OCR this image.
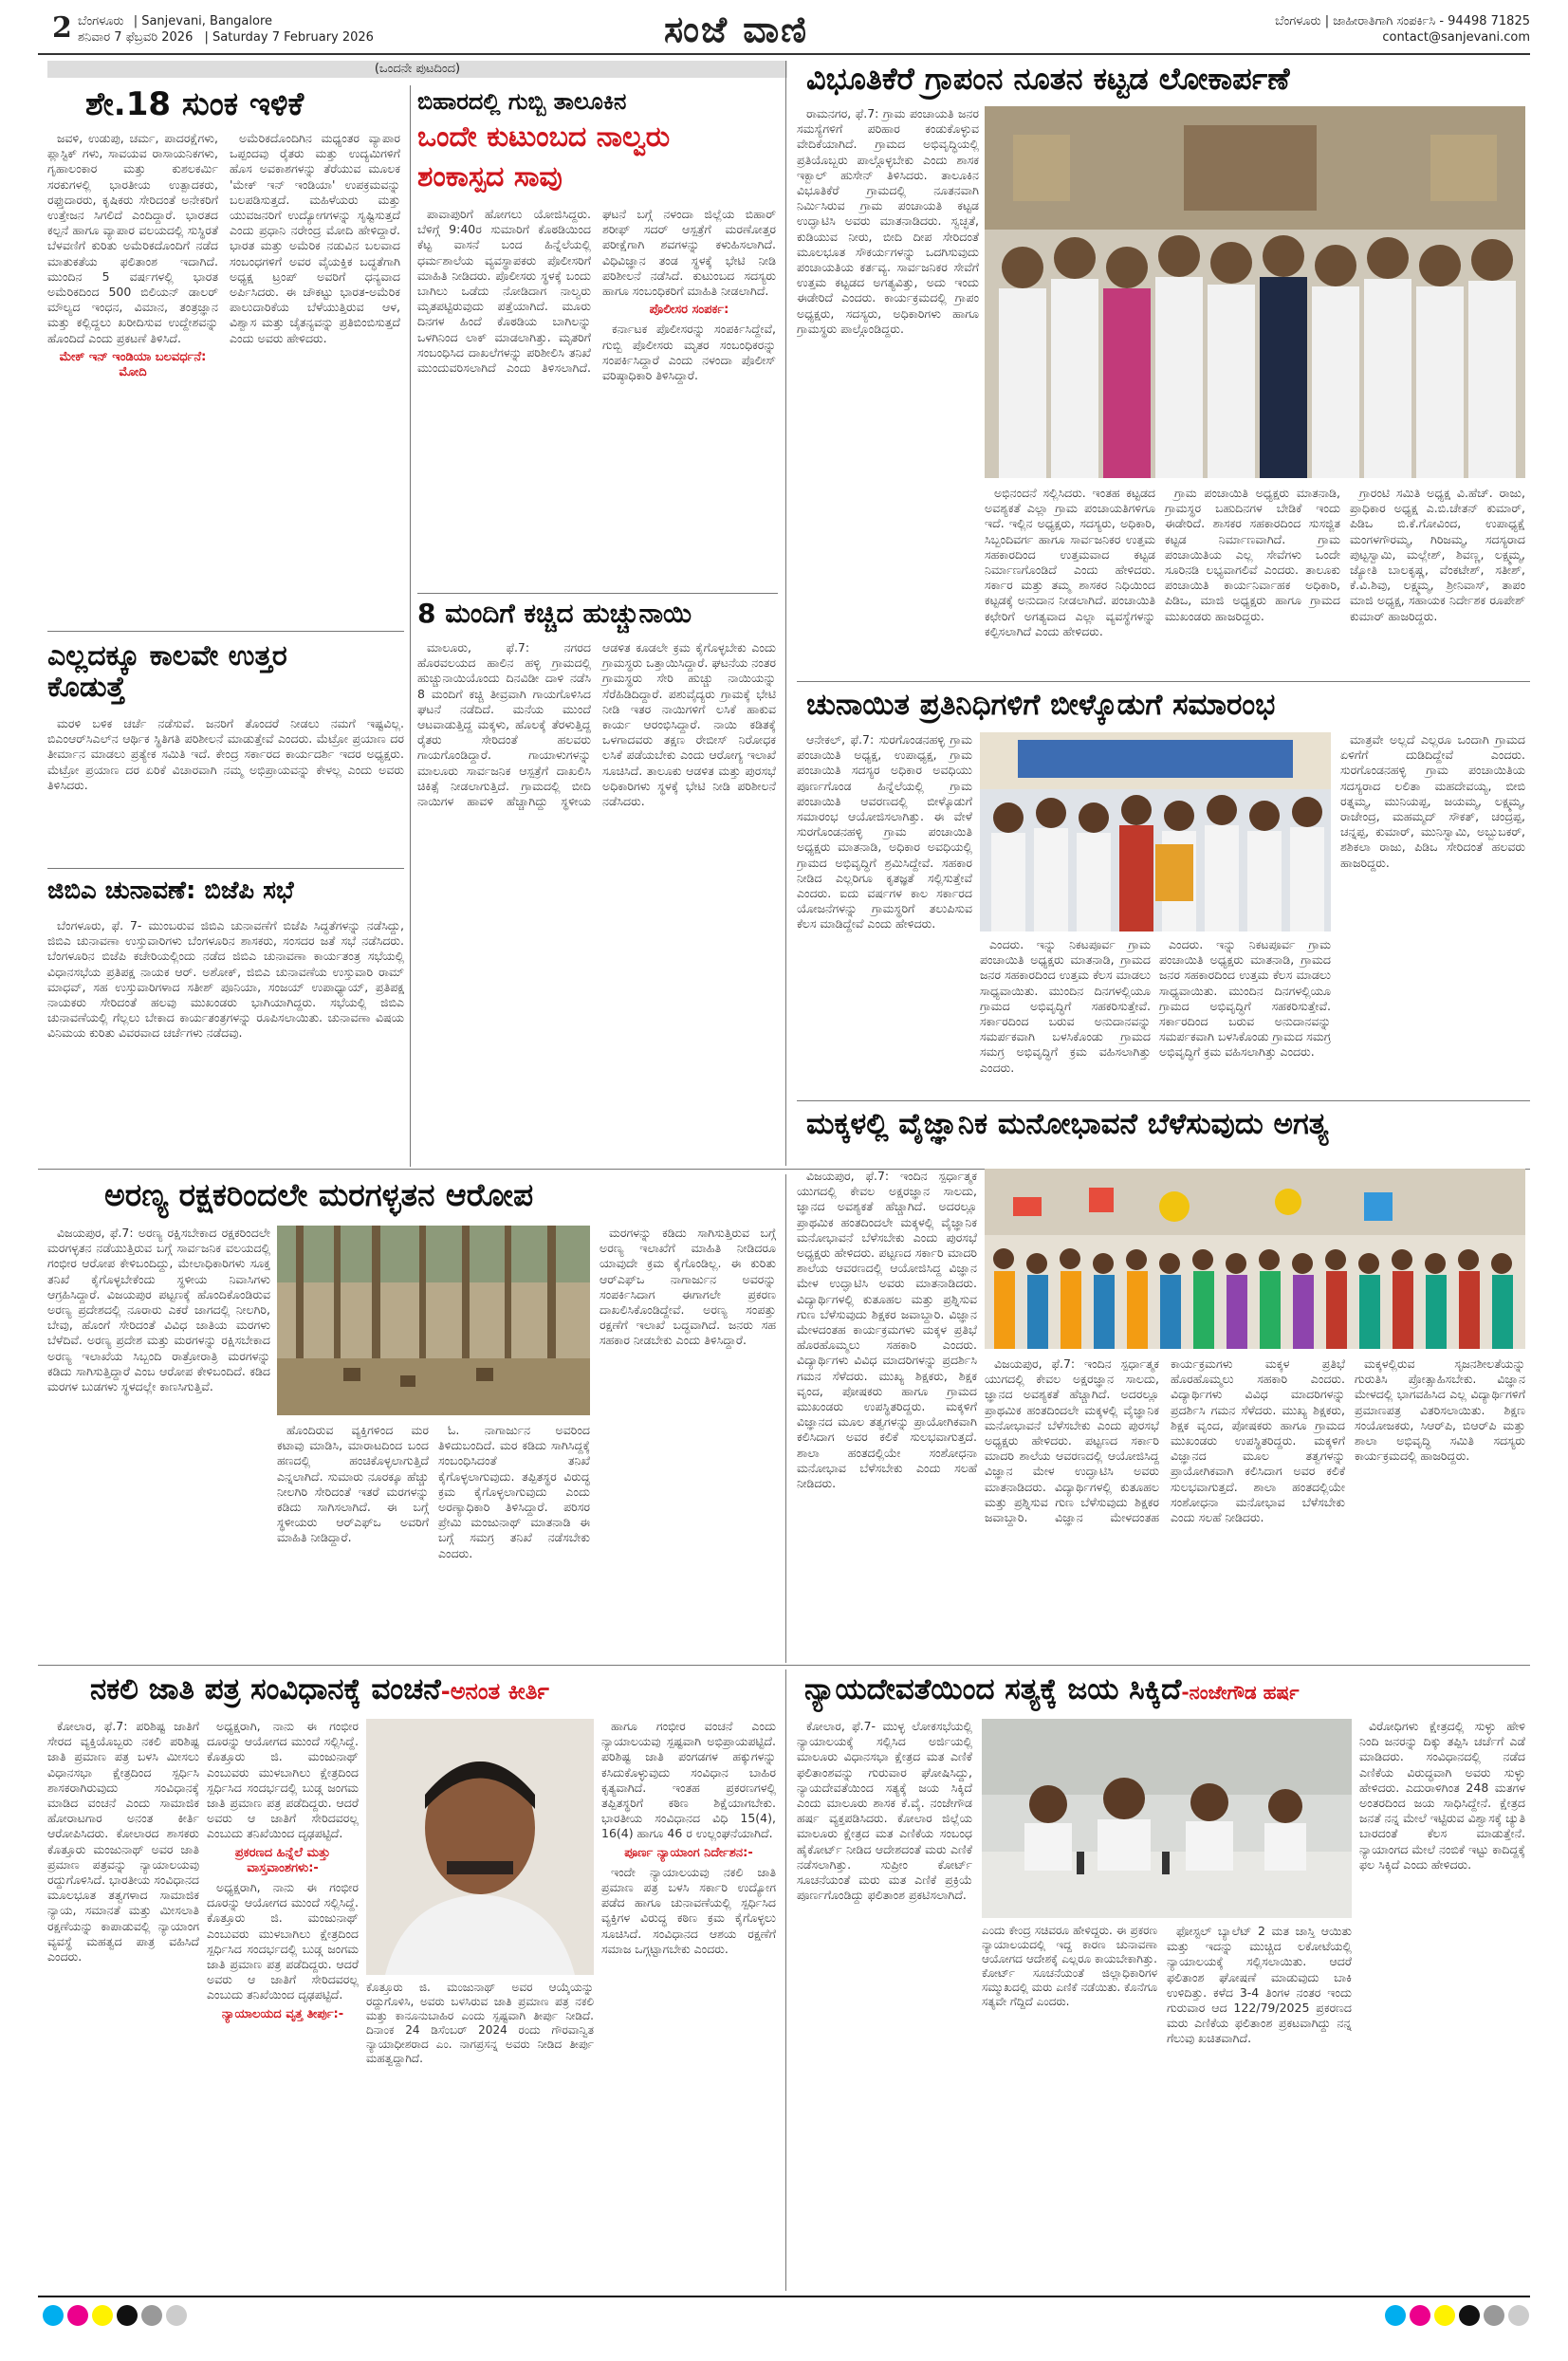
2 ಬೆಂಗಳೂರು | Sanjevani, Bangalore
ಶನಿವಾರ 7 ಫೆಬ್ರವರಿ 2026 | Saturday 7 February 2026	ಸಂಜೆ ವಾಣಿ	ಬೆಂಗಳೂರು | ಜಾಹೀರಾತಿಗಾಗಿ ಸಂಪರ್ಕಿಸಿ - 94498 71825
contact@sanjevani.com
(ಒಂದನೇ ಪುಟದಿಂದ)
ಶೇ.18 ಸುಂಕ ಇಳಿಕೆ

ಜವಳಿ, ಉಡುಪು, ಚರ್ಮ, ಪಾದರಕ್ಷೆಗಳು, ಪ್ಲಾಸ್ಟಿಕ್ ಗಳು, ಸಾವಯವ ರಾಸಾಯನಿಕಗಳು, ಗೃಹಾಲಂಕಾರ ಮತ್ತು ಕುಶಲಕರ್ಮಿ ಸರಕುಗಳಲ್ಲಿ ಭಾರತೀಯ ಉತ್ಪಾದಕರು, ರಫ್ತುದಾರರು, ಕೃಷಿಕರು ಸೇರಿದಂತೆ ಅನೇಕರಿಗೆ ಉತ್ತೇಜನ ಸಿಗಲಿದೆ ಎಂದಿದ್ದಾರೆ. ಭಾರತದ ಕಲ್ಪನೆ ಹಾಗೂ ವ್ಯಾಪಾರ ವಲಯದಲ್ಲಿ ಸುಸ್ಥಿರತೆ ಬೆಳವಣಿಗೆ ಕುರಿತು ಅಮೆರಿಕದೊಂದಿಗೆ ನಡೆದ ಮಾತುಕತೆಯ ಫಲಿತಾಂಶ ಇದಾಗಿದೆ. ಮುಂದಿನ 5 ವರ್ಷಗಳಲ್ಲಿ ಭಾರತ ಅಮೆರಿಕದಿಂದ 500 ಬಿಲಿಯನ್ ಡಾಲರ್ ಮೌಲ್ಯದ ಇಂಧನ, ವಿಮಾನ, ತಂತ್ರಜ್ಞಾನ ಮತ್ತು ಕಲ್ಲಿದ್ದಲು ಖರೀದಿಸುವ ಉದ್ದೇಶವನ್ನು ಹೊಂದಿದೆ ಎಂದು ಪ್ರಕಟಣೆ ತಿಳಿಸಿದೆ.

ಮೇಕ್ ಇನ್ ಇಂಡಿಯಾ ಬಲವರ್ಧನೆ: ಮೋದಿ

ಅಮೆರಿಕದೊಂದಿಗಿನ ಮಧ್ಯಂತರ ವ್ಯಾಪಾರ ಒಪ್ಪಂದವು ರೈತರು ಮತ್ತು ಉದ್ಯಮಿಗಳಿಗೆ ಹೊಸ ಅವಕಾಶಗಳನ್ನು ತೆರೆಯುವ ಮೂಲಕ 'ಮೇಕ್ ಇನ್ ಇಂಡಿಯಾ' ಉಪಕ್ರಮವನ್ನು ಬಲಪಡಿಸುತ್ತದೆ. ಮಹಿಳೆಯರು ಮತ್ತು ಯುವಜನರಿಗೆ ಉದ್ಯೋಗಗಳನ್ನು ಸೃಷ್ಟಿಸುತ್ತದೆ ಎಂದು ಪ್ರಧಾನಿ ನರೇಂದ್ರ ಮೋದಿ ಹೇಳಿದ್ದಾರೆ. ಭಾರತ ಮತ್ತು ಅಮೆರಿಕ ನಡುವಿನ ಬಲವಾದ ಸಂಬಂಧಗಳಿಗೆ ಅವರ ವೈಯಕ್ತಿಕ ಬದ್ಧತೆಗಾಗಿ ಅಧ್ಯಕ್ಷ ಟ್ರಂಪ್ ಅವರಿಗೆ ಧನ್ಯವಾದ ಅರ್ಪಿಸಿದರು. ಈ ಚೌಕಟ್ಟು ಭಾರತ-ಅಮೆರಿಕ ಪಾಲುದಾರಿಕೆಯ ಬೆಳೆಯುತ್ತಿರುವ ಆಳ, ವಿಶ್ವಾಸ ಮತ್ತು ಚೈತನ್ಯವನ್ನು ಪ್ರತಿಬಿಂಬಿಸುತ್ತದೆ ಎಂದು ಅವರು ಹೇಳಿದರು.

ಎಲ್ಲದಕ್ಕೂ ಕಾಲವೇ ಉತ್ತರ
ಕೊಡುತ್ತೆ

ಮರಳಿ ಬಳಿಕ ಚರ್ಚೆ ನಡೆಸುವೆ. ಜನರಿಗೆ ತೊಂದರೆ ನೀಡಲು ನಮಗೆ ಇಷ್ಟವಿಲ್ಲ. ಬಿಎಂಆರ್‌ಸಿಎಲ್‌ನ ಆರ್ಥಿಕ ಸ್ಥಿತಿಗತಿ ಪರಿಶೀಲನೆ ಮಾಡುತ್ತೇವೆ ಎಂದರು. ಮೆಟ್ರೋ ಪ್ರಯಾಣ ದರ ತೀರ್ಮಾನ ಮಾಡಲು ಪ್ರತ್ಯೇಕ ಸಮಿತಿ ಇದೆ. ಕೇಂದ್ರ ಸರ್ಕಾರದ ಕಾರ್ಯದರ್ಶಿ ಇದರ ಅಧ್ಯಕ್ಷರು. ಮೆಟ್ರೋ ಪ್ರಯಾಣ ದರ ಏರಿಕೆ ವಿಚಾರವಾಗಿ ನಮ್ಮ ಅಭಿಪ್ರಾಯವನ್ನು ಕೇಳಲ್ಲ ಎಂದು ಅವರು ತಿಳಿಸಿದರು.

ಜಿಬಿಎ ಚುನಾವಣೆ: ಬಿಜೆಪಿ ಸಭೆ

ಬೆಂಗಳೂರು, ಫೆ. 7- ಮುಂಬರುವ ಜಿಬಿಎ ಚುನಾವಣೆಗೆ ಬಿಜೆಪಿ ಸಿದ್ಧತೆಗಳನ್ನು ನಡೆಸಿದ್ದು, ಜಿಬಿಎ ಚುನಾವಣಾ ಉಸ್ತುವಾರಿಗಳು ಬೆಂಗಳೂರಿನ ಶಾಸಕರು, ಸಂಸದರ ಜತೆ ಸಭೆ ನಡೆಸಿದರು. ಬೆಂಗಳೂರಿನ ಬಿಜೆಪಿ ಕಚೇರಿಯಲ್ಲಿಂದು ನಡೆದ ಜಿಬಿಎ ಚುನಾವಣಾ ಕಾರ್ಯತಂತ್ರ ಸಭೆಯಲ್ಲಿ ವಿಧಾನಸಭೆಯ ಪ್ರತಿಪಕ್ಷ ನಾಯಕ ಆರ್. ಅಶೋಕ್, ಜಿಬಿಎ ಚುನಾವಣೆಯ ಉಸ್ತುವಾರಿ ರಾಮ್ ಮಾಧವ್, ಸಹ ಉಸ್ತುವಾರಿಗಳಾದ ಸತೀಶ್ ಪೂನಿಯಾ, ಸಂಜಯ್ ಉಪಾಧ್ಯಾಯ್, ಪ್ರತಿಪಕ್ಷ ನಾಯಕರು ಸೇರಿದಂತೆ ಹಲವು ಮುಖಂಡರು ಭಾಗಿಯಾಗಿದ್ದರು. ಸಭೆಯಲ್ಲಿ ಜಿಬಿಎ ಚುನಾವಣೆಯಲ್ಲಿ ಗೆಲ್ಲಲು ಬೇಕಾದ ಕಾರ್ಯತಂತ್ರಗಳನ್ನು ರೂಪಿಸಲಾಯಿತು. ಚುನಾವಣಾ ವಿಷಯ ವಿನಿಮಯ ಕುರಿತು ವಿವರವಾದ ಚರ್ಚೆಗಳು ನಡೆದವು.

ಬಿಹಾರದಲ್ಲಿ ಗುಬ್ಬಿ ತಾಲೂಕಿನ
ಒಂದೇ ಕುಟುಂಬದ ನಾಲ್ವರು
ಶಂಕಾಸ್ಪದ ಸಾವು

ಪಾವಾಪುರಿಗೆ ಹೋಗಲು ಯೋಜಿಸಿದ್ದರು. ಬೆಳಿಗ್ಗೆ 9:40ರ ಸುಮಾರಿಗೆ ಕೊಠಡಿಯಿಂದ ಕೆಟ್ಟ ವಾಸನೆ ಬಂದ ಹಿನ್ನೆಲೆಯಲ್ಲಿ ಧರ್ಮಶಾಲೆಯ ವ್ಯವಸ್ಥಾಪಕರು ಪೊಲೀಸರಿಗೆ ಮಾಹಿತಿ ನೀಡಿದರು. ಪೊಲೀಸರು ಸ್ಥಳಕ್ಕೆ ಬಂದು ಬಾಗಿಲು ಒಡೆದು ನೋಡಿದಾಗ ನಾಲ್ವರು ಮೃತಪಟ್ಟಿರುವುದು ಪತ್ತೆಯಾಗಿದೆ. ಮೂರು ದಿನಗಳ ಹಿಂದೆ ಕೊಠಡಿಯ ಬಾಗಿಲನ್ನು ಒಳಗಿನಿಂದ ಲಾಕ್ ಮಾಡಲಾಗಿತ್ತು. ಮೃತರಿಗೆ ಸಂಬಂಧಿಸಿದ ದಾಖಲೆಗಳನ್ನು ಪರಿಶೀಲಿಸಿ ತನಿಖೆ ಮುಂದುವರಿಸಲಾಗಿದೆ ಎಂದು ತಿಳಿಸಲಾಗಿದೆ. ಘಟನೆ ಬಗ್ಗೆ ನಳಂದಾ ಜಿಲ್ಲೆಯ ಬಿಹಾರ್ ಶರೀಫ್ ಸದರ್ ಆಸ್ಪತ್ರೆಗೆ ಮರಣೋತ್ತರ ಪರೀಕ್ಷೆಗಾಗಿ ಶವಗಳನ್ನು ಕಳುಹಿಸಲಾಗಿದೆ. ವಿಧಿವಿಜ್ಞಾನ ತಂಡ ಸ್ಥಳಕ್ಕೆ ಭೇಟಿ ನೀಡಿ ಪರಿಶೀಲನೆ ನಡೆಸಿದೆ. ಕುಟುಂಬದ ಸದಸ್ಯರು ಹಾಗೂ ಸಂಬಂಧಿಕರಿಗೆ ಮಾಹಿತಿ ನೀಡಲಾಗಿದೆ.

ಪೊಲೀಸರ ಸಂಪರ್ಕ:

ಕರ್ನಾಟಕ ಪೊಲೀಸರನ್ನು ಸಂಪರ್ಕಿಸಿದ್ದೇವೆ, ಗುಬ್ಬಿ ಪೊಲೀಸರು ಮೃತರ ಸಂಬಂಧಿಕರನ್ನು ಸಂಪರ್ಕಿಸಿದ್ದಾರೆ ಎಂದು ನಳಂದಾ ಪೊಲೀಸ್ ವರಿಷ್ಠಾಧಿಕಾರಿ ತಿಳಿಸಿದ್ದಾರೆ.

8 ಮಂದಿಗೆ ಕಚ್ಚಿದ ಹುಚ್ಚುನಾಯಿ

ಮಾಲೂರು, ಫೆ.7: ನಗರದ ಹೊರವಲಯದ ಹಾಲಿನ ಹಳ್ಳಿ ಗ್ರಾಮದಲ್ಲಿ ಹುಚ್ಚುನಾಯಿಯೊಂದು ದಿನವಿಡೀ ದಾಳಿ ನಡೆಸಿ 8 ಮಂದಿಗೆ ಕಚ್ಚಿ ತೀವ್ರವಾಗಿ ಗಾಯಗೊಳಿಸಿದ ಘಟನೆ ನಡೆದಿದೆ. ಮನೆಯ ಮುಂದೆ ಆಟವಾಡುತ್ತಿದ್ದ ಮಕ್ಕಳು, ಹೊಲಕ್ಕೆ ತೆರಳುತ್ತಿದ್ದ ರೈತರು ಸೇರಿದಂತೆ ಹಲವರು ಗಾಯಗೊಂಡಿದ್ದಾರೆ. ಗಾಯಾಳುಗಳನ್ನು ಮಾಲೂರು ಸಾರ್ವಜನಿಕ ಆಸ್ಪತ್ರೆಗೆ ದಾಖಲಿಸಿ ಚಿಕಿತ್ಸೆ ನೀಡಲಾಗುತ್ತಿದೆ. ಗ್ರಾಮದಲ್ಲಿ ಬೀದಿ ನಾಯಿಗಳ ಹಾವಳಿ ಹೆಚ್ಚಾಗಿದ್ದು ಸ್ಥಳೀಯ ಆಡಳಿತ ಕೂಡಲೇ ಕ್ರಮ ಕೈಗೊಳ್ಳಬೇಕು ಎಂದು ಗ್ರಾಮಸ್ಥರು ಒತ್ತಾಯಿಸಿದ್ದಾರೆ. ಘಟನೆಯ ನಂತರ ಗ್ರಾಮಸ್ಥರು ಸೇರಿ ಹುಚ್ಚು ನಾಯಿಯನ್ನು ಸೆರೆಹಿಡಿದಿದ್ದಾರೆ. ಪಶುವೈದ್ಯರು ಗ್ರಾಮಕ್ಕೆ ಭೇಟಿ ನೀಡಿ ಇತರ ನಾಯಿಗಳಿಗೆ ಲಸಿಕೆ ಹಾಕುವ ಕಾರ್ಯ ಆರಂಭಿಸಿದ್ದಾರೆ. ನಾಯಿ ಕಡಿತಕ್ಕೆ ಒಳಗಾದವರು ತಕ್ಷಣ ರೇಬೀಸ್ ನಿರೋಧಕ ಲಸಿಕೆ ಪಡೆಯಬೇಕು ಎಂದು ಆರೋಗ್ಯ ಇಲಾಖೆ ಸೂಚಿಸಿದೆ. ತಾಲೂಕು ಆಡಳಿತ ಮತ್ತು ಪುರಸಭೆ ಅಧಿಕಾರಿಗಳು ಸ್ಥಳಕ್ಕೆ ಭೇಟಿ ನೀಡಿ ಪರಿಶೀಲನೆ ನಡೆಸಿದರು.

ವಿಭೂತಿಕೆರೆ ಗ್ರಾಪಂನ ನೂತನ ಕಟ್ಟಡ ಲೋಕಾರ್ಪಣೆ

ರಾಮನಗರ, ಫೆ.7: ಗ್ರಾಮ ಪಂಚಾಯತಿ ಜನರ ಸಮಸ್ಯೆಗಳಿಗೆ ಪರಿಹಾರ ಕಂಡುಕೊಳ್ಳುವ ವೇದಿಕೆಯಾಗಿದೆ. ಗ್ರಾಮದ ಅಭಿವೃದ್ಧಿಯಲ್ಲಿ ಪ್ರತಿಯೊಬ್ಬರು ಪಾಲ್ಗೊಳ್ಳಬೇಕು ಎಂದು ಶಾಸಕ ಇಕ್ಬಾಲ್ ಹುಸೇನ್ ತಿಳಿಸಿದರು. ತಾಲೂಕಿನ ವಿಭೂತಿಕೆರೆ ಗ್ರಾಮದಲ್ಲಿ ನೂತನವಾಗಿ ನಿರ್ಮಿಸಿರುವ ಗ್ರಾಮ ಪಂಚಾಯತಿ ಕಟ್ಟಡ ಉದ್ಘಾಟಿಸಿ ಅವರು ಮಾತನಾಡಿದರು. ಸ್ವಚ್ಛತೆ, ಕುಡಿಯುವ ನೀರು, ಬೀದಿ ದೀಪ ಸೇರಿದಂತೆ ಮೂಲಭೂತ ಸೌಕರ್ಯಗಳನ್ನು ಒದಗಿಸುವುದು ಪಂಚಾಯತಿಯ ಕರ್ತವ್ಯ. ಸಾರ್ವಜನಿಕರ ಸೇವೆಗೆ ಉತ್ತಮ ಕಟ್ಟಡದ ಅಗತ್ಯವಿತ್ತು, ಅದು ಇಂದು ಈಡೇರಿದೆ ಎಂದರು. ಕಾರ್ಯಕ್ರಮದಲ್ಲಿ ಗ್ರಾಪಂ ಅಧ್ಯಕ್ಷರು, ಸದಸ್ಯರು, ಅಧಿಕಾರಿಗಳು ಹಾಗೂ ಗ್ರಾಮಸ್ಥರು ಪಾಲ್ಗೊಂಡಿದ್ದರು.

ಅಭಿನಂದನೆ ಸಲ್ಲಿಸಿದರು. ಇಂತಹ ಕಟ್ಟಡದ ಅವಶ್ಯಕತೆ ಎಲ್ಲಾ ಗ್ರಾಮ ಪಂಚಾಯತಿಗಳಿಗೂ ಇದೆ. ಇಲ್ಲಿನ ಅಧ್ಯಕ್ಷರು, ಸದಸ್ಯರು, ಅಧಿಕಾರಿ, ಸಿಬ್ಬಂದಿವರ್ಗ ಹಾಗೂ ಸಾರ್ವಜನಿಕರ ಉತ್ತಮ ಸಹಕಾರದಿಂದ ಉತ್ತಮವಾದ ಕಟ್ಟಡ ನಿರ್ಮಾಣಗೊಂಡಿದೆ ಎಂದು ಹೇಳಿದರು. ಸರ್ಕಾರ ಮತ್ತು ತಮ್ಮ ಶಾಸಕರ ನಿಧಿಯಿಂದ ಕಟ್ಟಡಕ್ಕೆ ಅನುದಾನ ನೀಡಲಾಗಿದೆ. ಪಂಚಾಯಿತಿ ಕಛೇರಿಗೆ ಅಗತ್ಯವಾದ ಎಲ್ಲಾ ವ್ಯವಸ್ಥೆಗಳನ್ನು ಕಲ್ಪಿಸಲಾಗಿದೆ ಎಂದು ಹೇಳಿದರು.

ಗ್ರಾಮ ಪಂಚಾಯಿತಿ ಅಧ್ಯಕ್ಷರು ಮಾತನಾಡಿ, ಗ್ರಾಮಸ್ಥರ ಬಹುದಿನಗಳ ಬೇಡಿಕೆ ಇಂದು ಈಡೇರಿದೆ. ಶಾಸಕರ ಸಹಕಾರದಿಂದ ಸುಸಜ್ಜಿತ ಕಟ್ಟಡ ನಿರ್ಮಾಣವಾಗಿದೆ. ಗ್ರಾಮ ಪಂಚಾಯಿತಿಯ ಎಲ್ಲ ಸೇವೆಗಳು ಒಂದೇ ಸೂರಿನಡಿ ಲಭ್ಯವಾಗಲಿವೆ ಎಂದರು. ತಾಲೂಕು ಪಂಚಾಯಿತಿ ಕಾರ್ಯನಿರ್ವಾಹಕ ಅಧಿಕಾರಿ, ಪಿಡಿಒ, ಮಾಜಿ ಅಧ್ಯಕ್ಷರು ಹಾಗೂ ಗ್ರಾಮದ ಮುಖಂಡರು ಹಾಜರಿದ್ದರು.

ಗ್ರಾರಂಟಿ ಸಮಿತಿ ಅಧ್ಯಕ್ಷ ವಿ.ಹೆಚ್. ರಾಜು, ಪ್ರಾಧಿಕಾರ ಅಧ್ಯಕ್ಷ ಎ.ಬಿ.ಚೇತನ್ ಕುಮಾರ್, ಪಿಡಿಒ ಬಿ.ಕೆ.ಗೋವಿಂದ, ಉಪಾಧ್ಯಕ್ಷೆ ಮಂಗಳಗೌರಮ್ಮ, ಗಿರಿಜಮ್ಮ, ಸದಸ್ಯರಾದ ಪುಟ್ಟಸ್ವಾಮಿ, ಮಲ್ಲೇಶ್, ಶಿವಣ್ಣ, ಲಕ್ಷ್ಮಮ್ಮ, ಜ್ಯೋತಿ ಬಾಲಕೃಷ್ಣ, ವೆಂಕಟೇಶ್, ಸತೀಶ್, ಕೆ.ವಿ.ಶಿವು, ಲಕ್ಷ್ಮಮ್ಮ, ಶ್ರೀನಿವಾಸ್, ತಾಪಂ ಮಾಜಿ ಅಧ್ಯಕ್ಷ, ಸಹಾಯಕ ನಿರ್ದೇಶಕ ರೂಪೇಶ್ ಕುಮಾರ್ ಹಾಜರಿದ್ದರು.

ಚುನಾಯಿತ ಪ್ರತಿನಿಧಿಗಳಿಗೆ ಬೀಳ್ಕೊಡುಗೆ ಸಮಾರಂಭ

ಆನೇಕಲ್, ಫೆ.7: ಸುರಗೊಂಡನಹಳ್ಳಿ ಗ್ರಾಮ ಪಂಚಾಯಿತಿ ಅಧ್ಯಕ್ಷ, ಉಪಾಧ್ಯಕ್ಷ, ಗ್ರಾಮ ಪಂಚಾಯಿತಿ ಸದಸ್ಯರ ಅಧಿಕಾರ ಅವಧಿಯು ಪೂರ್ಣಗೊಂಡ ಹಿನ್ನೆಲೆಯಲ್ಲಿ ಗ್ರಾಮ ಪಂಚಾಯಿತಿ ಆವರಣದಲ್ಲಿ ಬೀಳ್ಕೊಡುಗೆ ಸಮಾರಂಭ ಆಯೋಜಿಸಲಾಗಿತ್ತು. ಈ ವೇಳೆ ಸುರಗೊಂಡನಹಳ್ಳಿ ಗ್ರಾಮ ಪಂಚಾಯಿತಿ ಅಧ್ಯಕ್ಷರು ಮಾತನಾಡಿ, ಅಧಿಕಾರ ಅವಧಿಯಲ್ಲಿ ಗ್ರಾಮದ ಅಭಿವೃದ್ಧಿಗೆ ಶ್ರಮಿಸಿದ್ದೇವೆ. ಸಹಕಾರ ನೀಡಿದ ಎಲ್ಲರಿಗೂ ಕೃತಜ್ಞತೆ ಸಲ್ಲಿಸುತ್ತೇವೆ ಎಂದರು. ಐದು ವರ್ಷಗಳ ಕಾಲ ಸರ್ಕಾರದ ಯೋಜನೆಗಳನ್ನು ಗ್ರಾಮಸ್ಥರಿಗೆ ತಲುಪಿಸುವ ಕೆಲಸ ಮಾಡಿದ್ದೇವೆ ಎಂದು ಹೇಳಿದರು.

ಎಂದರು. ಇನ್ನು ನಿಕಟಪೂರ್ವ ಗ್ರಾಮ ಪಂಚಾಯಿತಿ ಅಧ್ಯಕ್ಷರು ಮಾತನಾಡಿ, ಗ್ರಾಮದ ಜನರ ಸಹಕಾರದಿಂದ ಉತ್ತಮ ಕೆಲಸ ಮಾಡಲು ಸಾಧ್ಯವಾಯಿತು. ಮುಂದಿನ ದಿನಗಳಲ್ಲಿಯೂ ಗ್ರಾಮದ ಅಭಿವೃದ್ಧಿಗೆ ಸಹಕರಿಸುತ್ತೇವೆ. ಸರ್ಕಾರದಿಂದ ಬರುವ ಅನುದಾನವನ್ನು ಸಮರ್ಪಕವಾಗಿ ಬಳಸಿಕೊಂಡು ಗ್ರಾಮದ ಸಮಗ್ರ ಅಭಿವೃದ್ಧಿಗೆ ಕ್ರಮ ವಹಿಸಲಾಗಿತ್ತು ಎಂದರು.

ಎಂದರು. ಇನ್ನು ನಿಕಟಪೂರ್ವ ಗ್ರಾಮ ಪಂಚಾಯಿತಿ ಅಧ್ಯಕ್ಷರು ಮಾತನಾಡಿ, ಗ್ರಾಮದ ಜನರ ಸಹಕಾರದಿಂದ ಉತ್ತಮ ಕೆಲಸ ಮಾಡಲು ಸಾಧ್ಯವಾಯಿತು. ಮುಂದಿನ ದಿನಗಳಲ್ಲಿಯೂ ಗ್ರಾಮದ ಅಭಿವೃದ್ಧಿಗೆ ಸಹಕರಿಸುತ್ತೇವೆ. ಸರ್ಕಾರದಿಂದ ಬರುವ ಅನುದಾನವನ್ನು ಸಮರ್ಪಕವಾಗಿ ಬಳಸಿಕೊಂಡು ಗ್ರಾಮದ ಸಮಗ್ರ ಅಭಿವೃದ್ಧಿಗೆ ಕ್ರಮ ವಹಿಸಲಾಗಿತ್ತು ಎಂದರು.

ಮಾತ್ರವೇ ಅಲ್ಲದೆ ಎಲ್ಲರೂ ಒಂದಾಗಿ ಗ್ರಾಮದ ಏಳಿಗೆಗೆ ದುಡಿದಿದ್ದೇವೆ ಎಂದರು. ಸುರಗೊಂಡನಹಳ್ಳಿ ಗ್ರಾಮ ಪಂಚಾಯಿತಿಯ ಸದಸ್ಯರಾದ ಲಲಿತಾ ಮಹದೇವಯ್ಯ, ಬೀಬಿ ರತ್ನಮ್ಮ, ಮುನಿಯಪ್ಪ, ಜಯಮ್ಮ, ಲಕ್ಷ್ಮಮ್ಮ, ರಾಜೇಂದ್ರ, ಮಹಮ್ಮದ್ ಸೌಕತ್, ಚಂದ್ರಪ್ಪ, ಚನ್ನಪ್ಪ, ಕುಮಾರ್, ಮುನಿಸ್ವಾಮಿ, ಅಬ್ಬುಬಕರ್, ಶಶಿಕಲಾ ರಾಜು, ಪಿಡಿಒ ಸೇರಿದಂತೆ ಹಲವರು ಹಾಜರಿದ್ದರು.

ಮಕ್ಕಳಲ್ಲಿ ವೈಜ್ಞಾನಿಕ ಮನೋಭಾವನೆ ಬೆಳೆಸುವುದು ಅಗತ್ಯ

ವಿಜಯಪುರ, ಫೆ.7: ಇಂದಿನ ಸ್ಪರ್ಧಾತ್ಮಕ ಯುಗದಲ್ಲಿ ಕೇವಲ ಅಕ್ಷರಜ್ಞಾನ ಸಾಲದು, ಜ್ಞಾನದ ಅವಶ್ಯಕತೆ ಹೆಚ್ಚಾಗಿದೆ. ಅದರಲ್ಲೂ ಪ್ರಾಥಮಿಕ ಹಂತದಿಂದಲೇ ಮಕ್ಕಳಲ್ಲಿ ವೈಜ್ಞಾನಿಕ ಮನೋಭಾವನೆ ಬೆಳೆಸಬೇಕು ಎಂದು ಪುರಸಭೆ ಅಧ್ಯಕ್ಷರು ಹೇಳಿದರು. ಪಟ್ಟಣದ ಸರ್ಕಾರಿ ಮಾದರಿ ಶಾಲೆಯ ಆವರಣದಲ್ಲಿ ಆಯೋಜಿಸಿದ್ದ ವಿಜ್ಞಾನ ಮೇಳ ಉದ್ಘಾಟಿಸಿ ಅವರು ಮಾತನಾಡಿದರು. ವಿದ್ಯಾರ್ಥಿಗಳಲ್ಲಿ ಕುತೂಹಲ ಮತ್ತು ಪ್ರಶ್ನಿಸುವ ಗುಣ ಬೆಳೆಸುವುದು ಶಿಕ್ಷಕರ ಜವಾಬ್ದಾರಿ. ವಿಜ್ಞಾನ ಮೇಳದಂತಹ ಕಾರ್ಯಕ್ರಮಗಳು ಮಕ್ಕಳ ಪ್ರತಿಭೆ ಹೊರಹೊಮ್ಮಲು ಸಹಕಾರಿ ಎಂದರು. ವಿದ್ಯಾರ್ಥಿಗಳು ವಿವಿಧ ಮಾದರಿಗಳನ್ನು ಪ್ರದರ್ಶಿಸಿ ಗಮನ ಸೆಳೆದರು. ಮುಖ್ಯ ಶಿಕ್ಷಕರು, ಶಿಕ್ಷಕ ವೃಂದ, ಪೋಷಕರು ಹಾಗೂ ಗ್ರಾಮದ ಮುಖಂಡರು ಉಪಸ್ಥಿತರಿದ್ದರು. ಮಕ್ಕಳಿಗೆ ವಿಜ್ಞಾನದ ಮೂಲ ತತ್ವಗಳನ್ನು ಪ್ರಾಯೋಗಿಕವಾಗಿ ಕಲಿಸಿದಾಗ ಅವರ ಕಲಿಕೆ ಸುಲಭವಾಗುತ್ತದೆ. ಶಾಲಾ ಹಂತದಲ್ಲಿಯೇ ಸಂಶೋಧನಾ ಮನೋಭಾವ ಬೆಳೆಸಬೇಕು ಎಂದು ಸಲಹೆ ನೀಡಿದರು.

ವಿಜಯಪುರ, ಫೆ.7: ಇಂದಿನ ಸ್ಪರ್ಧಾತ್ಮಕ ಯುಗದಲ್ಲಿ ಕೇವಲ ಅಕ್ಷರಜ್ಞಾನ ಸಾಲದು, ಜ್ಞಾನದ ಅವಶ್ಯಕತೆ ಹೆಚ್ಚಾಗಿದೆ. ಅದರಲ್ಲೂ ಪ್ರಾಥಮಿಕ ಹಂತದಿಂದಲೇ ಮಕ್ಕಳಲ್ಲಿ ವೈಜ್ಞಾನಿಕ ಮನೋಭಾವನೆ ಬೆಳೆಸಬೇಕು ಎಂದು ಪುರಸಭೆ ಅಧ್ಯಕ್ಷರು ಹೇಳಿದರು. ಪಟ್ಟಣದ ಸರ್ಕಾರಿ ಮಾದರಿ ಶಾಲೆಯ ಆವರಣದಲ್ಲಿ ಆಯೋಜಿಸಿದ್ದ ವಿಜ್ಞಾನ ಮೇಳ ಉದ್ಘಾಟಿಸಿ ಅವರು ಮಾತನಾಡಿದರು. ವಿದ್ಯಾರ್ಥಿಗಳಲ್ಲಿ ಕುತೂಹಲ ಮತ್ತು ಪ್ರಶ್ನಿಸುವ ಗುಣ ಬೆಳೆಸುವುದು ಶಿಕ್ಷಕರ ಜವಾಬ್ದಾರಿ. ವಿಜ್ಞಾನ ಮೇಳದಂತಹ ಕಾರ್ಯಕ್ರಮಗಳು ಮಕ್ಕಳ ಪ್ರತಿಭೆ ಹೊರಹೊಮ್ಮಲು ಸಹಕಾರಿ ಎಂದರು. ವಿದ್ಯಾರ್ಥಿಗಳು ವಿವಿಧ ಮಾದರಿಗಳನ್ನು ಪ್ರದರ್ಶಿಸಿ ಗಮನ ಸೆಳೆದರು. ಮುಖ್ಯ ಶಿಕ್ಷಕರು, ಶಿಕ್ಷಕ ವೃಂದ, ಪೋಷಕರು ಹಾಗೂ ಗ್ರಾಮದ ಮುಖಂಡರು ಉಪಸ್ಥಿತರಿದ್ದರು. ಮಕ್ಕಳಿಗೆ ವಿಜ್ಞಾನದ ಮೂಲ ತತ್ವಗಳನ್ನು ಪ್ರಾಯೋಗಿಕವಾಗಿ ಕಲಿಸಿದಾಗ ಅವರ ಕಲಿಕೆ ಸುಲಭವಾಗುತ್ತದೆ. ಶಾಲಾ ಹಂತದಲ್ಲಿಯೇ ಸಂಶೋಧನಾ ಮನೋಭಾವ ಬೆಳೆಸಬೇಕು ಎಂದು ಸಲಹೆ ನೀಡಿದರು.

ಮಕ್ಕಳಲ್ಲಿರುವ ಸೃಜನಶೀಲತೆಯನ್ನು ಗುರುತಿಸಿ ಪ್ರೋತ್ಸಾಹಿಸಬೇಕು. ವಿಜ್ಞಾನ ಮೇಳದಲ್ಲಿ ಭಾಗವಹಿಸಿದ ಎಲ್ಲ ವಿದ್ಯಾರ್ಥಿಗಳಿಗೆ ಪ್ರಮಾಣಪತ್ರ ವಿತರಿಸಲಾಯಿತು. ಶಿಕ್ಷಣ ಸಂಯೋಜಕರು, ಸಿಆರ್‌ಪಿ, ಬಿಆರ್‌ಪಿ ಮತ್ತು ಶಾಲಾ ಅಭಿವೃದ್ಧಿ ಸಮಿತಿ ಸದಸ್ಯರು ಕಾರ್ಯಕ್ರಮದಲ್ಲಿ ಹಾಜರಿದ್ದರು.

ಅರಣ್ಯ ರಕ್ಷಕರಿಂದಲೇ ಮರಗಳ್ಳತನ ಆರೋಪ

ವಿಜಯಪುರ, ಫೆ.7: ಅರಣ್ಯ ರಕ್ಷಿಸಬೇಕಾದ ರಕ್ಷಕರಿಂದಲೇ ಮರಗಳ್ಳತನ ನಡೆಯುತ್ತಿರುವ ಬಗ್ಗೆ ಸಾರ್ವಜನಿಕ ವಲಯದಲ್ಲಿ ಗಂಭೀರ ಆರೋಪ ಕೇಳಿಬಂದಿದ್ದು, ಮೇಲಾಧಿಕಾರಿಗಳು ಸೂಕ್ತ ತನಿಖೆ ಕೈಗೊಳ್ಳಬೇಕೆಂದು ಸ್ಥಳೀಯ ನಿವಾಸಿಗಳು ಆಗ್ರಹಿಸಿದ್ದಾರೆ. ವಿಜಯಪುರ ಪಟ್ಟಣಕ್ಕೆ ಹೊಂದಿಕೊಂಡಿರುವ ಅರಣ್ಯ ಪ್ರದೇಶದಲ್ಲಿ ನೂರಾರು ಎಕರೆ ಜಾಗದಲ್ಲಿ ನೀಲಗಿರಿ, ಬೇವು, ಹೊಂಗೆ ಸೇರಿದಂತೆ ವಿವಿಧ ಜಾತಿಯ ಮರಗಳು ಬೆಳೆದಿವೆ. ಅರಣ್ಯ ಪ್ರದೇಶ ಮತ್ತು ಮರಗಳನ್ನು ರಕ್ಷಿಸಬೇಕಾದ ಅರಣ್ಯ ಇಲಾಖೆಯ ಸಿಬ್ಬಂದಿ ರಾತ್ರೋರಾತ್ರಿ ಮರಗಳನ್ನು ಕಡಿದು ಸಾಗಿಸುತ್ತಿದ್ದಾರೆ ಎಂಬ ಆರೋಪ ಕೇಳಿಬಂದಿದೆ. ಕಡಿದ ಮರಗಳ ಬುಡಗಳು ಸ್ಥಳದಲ್ಲೇ ಕಾಣಸಿಗುತ್ತಿವೆ.

ಹೊಂದಿರುವ ವ್ಯಕ್ತಿಗಳಿಂದ ಮರ ಕಟಾವು ಮಾಡಿಸಿ, ಮಾರಾಟದಿಂದ ಬಂದ ಹಣದಲ್ಲಿ ಹಂಚಿಕೊಳ್ಳಲಾಗುತ್ತಿದೆ ಎನ್ನಲಾಗಿದೆ. ಸುಮಾರು ನೂರಕ್ಕೂ ಹೆಚ್ಚು ನೀಲಗಿರಿ ಸೇರಿದಂತೆ ಇತರೆ ಮರಗಳನ್ನು ಕಡಿದು ಸಾಗಿಸಲಾಗಿದೆ. ಈ ಬಗ್ಗೆ ಸ್ಥಳೀಯರು ಆರ್‌ಎಫ್‌ಒ ಅವರಿಗೆ ಮಾಹಿತಿ ನೀಡಿದ್ದಾರೆ.

ಓ. ನಾಗಾರ್ಜುನ ಅವರಿಂದ ತಿಳಿದುಬಂದಿದೆ. ಮರ ಕಡಿದು ಸಾಗಿಸಿದ್ದಕ್ಕೆ ಸಂಬಂಧಿಸಿದಂತೆ ತನಿಖೆ ಕೈಗೊಳ್ಳಲಾಗುವುದು. ತಪ್ಪಿತಸ್ಥರ ವಿರುದ್ಧ ಕ್ರಮ ಕೈಗೊಳ್ಳಲಾಗುವುದು ಎಂದು ಅರಣ್ಯಾಧಿಕಾರಿ ತಿಳಿಸಿದ್ದಾರೆ. ಪರಿಸರ ಪ್ರೇಮಿ ಮಂಜುನಾಥ್ ಮಾತನಾಡಿ ಈ ಬಗ್ಗೆ ಸಮಗ್ರ ತನಿಖೆ ನಡೆಸಬೇಕು ಎಂದರು.

ಮರಗಳನ್ನು ಕಡಿದು ಸಾಗಿಸುತ್ತಿರುವ ಬಗ್ಗೆ ಅರಣ್ಯ ಇಲಾಖೆಗೆ ಮಾಹಿತಿ ನೀಡಿದರೂ ಯಾವುದೇ ಕ್ರಮ ಕೈಗೊಂಡಿಲ್ಲ. ಈ ಕುರಿತು ಆರ್‌ಎಫ್‌ಒ ನಾಗಾರ್ಜುನ ಅವರನ್ನು ಸಂಪರ್ಕಿಸಿದಾಗ ಈಗಾಗಲೇ ಪ್ರಕರಣ ದಾಖಲಿಸಿಕೊಂಡಿದ್ದೇವೆ. ಅರಣ್ಯ ಸಂಪತ್ತು ರಕ್ಷಣೆಗೆ ಇಲಾಖೆ ಬದ್ಧವಾಗಿದೆ. ಜನರು ಸಹ ಸಹಕಾರ ನೀಡಬೇಕು ಎಂದು ತಿಳಿಸಿದ್ದಾರೆ.

ನಕಲಿ ಜಾತಿ ಪತ್ರ ಸಂವಿಧಾನಕ್ಕೆ ವಂಚನೆ-ಅನಂತ ಕೀರ್ತಿ

ಕೋಲಾರ, ಫೆ.7: ಪರಿಶಿಷ್ಟ ಜಾತಿಗೆ ಸೇರದ ವ್ಯಕ್ತಿಯೊಬ್ಬರು ನಕಲಿ ಪರಿಶಿಷ್ಟ ಜಾತಿ ಪ್ರಮಾಣ ಪತ್ರ ಬಳಸಿ ಮೀಸಲು ವಿಧಾನಸಭಾ ಕ್ಷೇತ್ರದಿಂದ ಸ್ಪರ್ಧಿಸಿ ಶಾಸಕರಾಗಿರುವುದು ಸಂವಿಧಾನಕ್ಕೆ ಮಾಡಿದ ವಂಚನೆ ಎಂದು ಸಾಮಾಜಿಕ ಹೋರಾಟಗಾರ ಅನಂತ ಕೀರ್ತಿ ಆರೋಪಿಸಿದರು. ಕೋಲಾರದ ಶಾಸಕರು ಕೊತ್ತೂರು ಮಂಜುನಾಥ್ ಅವರ ಜಾತಿ ಪ್ರಮಾಣ ಪತ್ರವನ್ನು ನ್ಯಾಯಾಲಯವು ರದ್ದುಗೊಳಿಸಿದೆ. ಭಾರತೀಯ ಸಂವಿಧಾನದ ಮೂಲಭೂತ ತತ್ವಗಳಾದ ಸಾಮಾಜಿಕ ನ್ಯಾಯ, ಸಮಾನತೆ ಮತ್ತು ಮೀಸಲಾತಿ ರಕ್ಷಣೆಯನ್ನು ಕಾಪಾಡುವಲ್ಲಿ ನ್ಯಾಯಾಂಗ ವ್ಯವಸ್ಥೆ ಮಹತ್ವದ ಪಾತ್ರ ವಹಿಸಿದೆ ಎಂದರು.

ಅಧ್ಯಕ್ಷರಾಗಿ, ನಾನು ಈ ಗಂಭೀರ ದೂರನ್ನು ಆಯೋಗದ ಮುಂದೆ ಸಲ್ಲಿಸಿದ್ದೆ. ಕೊತ್ತೂರು ಜಿ. ಮಂಜುನಾಥ್ ಎಂಬುವರು ಮುಳಬಾಗಿಲು ಕ್ಷೇತ್ರದಿಂದ ಸ್ಪರ್ಧಿಸಿದ ಸಂದರ್ಭದಲ್ಲಿ ಬುಡ್ಗ ಜಂಗಮ ಜಾತಿ ಪ್ರಮಾಣ ಪತ್ರ ಪಡೆದಿದ್ದರು. ಆದರೆ ಅವರು ಆ ಜಾತಿಗೆ ಸೇರಿದವರಲ್ಲ ಎಂಬುದು ತನಿಖೆಯಿಂದ ದೃಢಪಟ್ಟಿದೆ.

ಪ್ರಕರಣದ ಹಿನ್ನೆಲೆ ಮತ್ತು ವಾಸ್ತವಾಂಶಗಳು:-

ಅಧ್ಯಕ್ಷರಾಗಿ, ನಾನು ಈ ಗಂಭೀರ ದೂರನ್ನು ಆಯೋಗದ ಮುಂದೆ ಸಲ್ಲಿಸಿದ್ದೆ. ಕೊತ್ತೂರು ಜಿ. ಮಂಜುನಾಥ್ ಎಂಬುವರು ಮುಳಬಾಗಿಲು ಕ್ಷೇತ್ರದಿಂದ ಸ್ಪರ್ಧಿಸಿದ ಸಂದರ್ಭದಲ್ಲಿ ಬುಡ್ಗ ಜಂಗಮ ಜಾತಿ ಪ್ರಮಾಣ ಪತ್ರ ಪಡೆದಿದ್ದರು. ಆದರೆ ಅವರು ಆ ಜಾತಿಗೆ ಸೇರಿದವರಲ್ಲ ಎಂಬುದು ತನಿಖೆಯಿಂದ ದೃಢಪಟ್ಟಿದೆ.

ನ್ಯಾಯಾಲಯದ ವೃತ್ತ ತೀರ್ಪು:-
ಕೊತ್ತೂರು ಜಿ. ಮಂಜುನಾಥ್ ಅವರ ಆಯ್ಕೆಯನ್ನು ರದ್ದುಗೊಳಿಸಿ, ಅವರು ಬಳಸಿರುವ ಜಾತಿ ಪ್ರಮಾಣ ಪತ್ರ ನಕಲಿ ಮತ್ತು ಕಾನೂನುಬಾಹಿರ ಎಂದು ಸ್ಪಷ್ಟವಾಗಿ ತೀರ್ಪು ನೀಡಿದೆ. ದಿನಾಂಕ 24 ಡಿಸೆಂಬರ್ 2024 ರಂದು ಗೌರವಾನ್ವಿತ ನ್ಯಾಯಾಧೀಶರಾದ ಎಂ. ನಾಗಪ್ರಸನ್ನ ಅವರು ನೀಡಿದ ತೀರ್ಪು ಮಹತ್ವದ್ದಾಗಿದೆ.

ಹಾಗೂ ಗಂಭೀರ ವಂಚನೆ ಎಂದು ನ್ಯಾಯಾಲಯವು ಸ್ಪಷ್ಟವಾಗಿ ಅಭಿಪ್ರಾಯಪಟ್ಟಿದೆ. ಪರಿಶಿಷ್ಟ ಜಾತಿ ಪಂಗಡಗಳ ಹಕ್ಕುಗಳನ್ನು ಕಸಿದುಕೊಳ್ಳುವುದು ಸಂವಿಧಾನ ಬಾಹಿರ ಕೃತ್ಯವಾಗಿದೆ. ಇಂತಹ ಪ್ರಕರಣಗಳಲ್ಲಿ ತಪ್ಪಿತಸ್ಥರಿಗೆ ಕಠಿಣ ಶಿಕ್ಷೆಯಾಗಬೇಕು. ಭಾರತೀಯ ಸಂವಿಧಾನದ ವಿಧಿ 15(4), 16(4) ಹಾಗೂ 46 ರ ಉಲ್ಲಂಘನೆಯಾಗಿದೆ.

ಪೂರ್ಣ ನ್ಯಾಯಾಂಗ ನಿರ್ದೇಶನ:-

ಇಂದೇ ನ್ಯಾಯಾಲಯವು ನಕಲಿ ಜಾತಿ ಪ್ರಮಾಣ ಪತ್ರ ಬಳಸಿ ಸರ್ಕಾರಿ ಉದ್ಯೋಗ ಪಡೆದ ಹಾಗೂ ಚುನಾವಣೆಯಲ್ಲಿ ಸ್ಪರ್ಧಿಸಿದ ವ್ಯಕ್ತಿಗಳ ವಿರುದ್ಧ ಕಠಿಣ ಕ್ರಮ ಕೈಗೊಳ್ಳಲು ಸೂಚಿಸಿದೆ. ಸಂವಿಧಾನದ ಆಶಯ ರಕ್ಷಣೆಗೆ ಸಮಾಜ ಒಗ್ಗಟ್ಟಾಗಬೇಕು ಎಂದರು.

ನ್ಯಾಯದೇವತೆಯಿಂದ ಸತ್ಯಕ್ಕೆ ಜಯ ಸಿಕ್ಕಿದೆ-ನಂಜೇಗೌಡ ಹರ್ಷ

ಕೋಲಾರ, ಫೆ.7- ಮುಳ್ಳ ಲೋಕಸಭೆಯಲ್ಲಿ ನ್ಯಾಯಾಲಯಕ್ಕೆ ಸಲ್ಲಿಸಿದ ಅರ್ಜಿಯಲ್ಲಿ ಮಾಲೂರು ವಿಧಾನಸಭಾ ಕ್ಷೇತ್ರದ ಮತ ಎಣಿಕೆ ಫಲಿತಾಂಶವನ್ನು ಗುರುವಾರ ಘೋಷಿಸಿದ್ದು, ನ್ಯಾಯದೇವತೆಯಿಂದ ಸತ್ಯಕ್ಕೆ ಜಯ ಸಿಕ್ಕಿದೆ ಎಂದು ಮಾಲೂರು ಶಾಸಕ ಕೆ.ವೈ. ನಂಜೇಗೌಡ ಹರ್ಷ ವ್ಯಕ್ತಪಡಿಸಿದರು. ಕೋಲಾರ ಜಿಲ್ಲೆಯ ಮಾಲೂರು ಕ್ಷೇತ್ರದ ಮತ ಎಣಿಕೆಯ ಸಂಬಂಧ ಹೈಕೋರ್ಟ್ ನೀಡಿದ ಆದೇಶದಂತೆ ಮರು ಎಣಿಕೆ ನಡೆಸಲಾಗಿತ್ತು. ಸುಪ್ರೀಂ ಕೋರ್ಟ್ ಸೂಚನೆಯಂತೆ ಮರು ಮತ ಎಣಿಕೆ ಪ್ರಕ್ರಿಯೆ ಪೂರ್ಣಗೊಂಡಿದ್ದು ಫಲಿತಾಂಶ ಪ್ರಕಟಿಸಲಾಗಿದೆ.

ಎಂದು ಕೇಂದ್ರ ಸಚಿವರೂ ಹೇಳಿದ್ದರು. ಈ ಪ್ರಕರಣ ನ್ಯಾಯಾಲಯದಲ್ಲಿ ಇದ್ದ ಕಾರಣ ಚುನಾವಣಾ ಆಯೋಗದ ಆದೇಶಕ್ಕೆ ಎಲ್ಲರೂ ಕಾಯಬೇಕಾಗಿತ್ತು. ಕೋರ್ಟ್ ಸೂಚನೆಯಂತೆ ಜಿಲ್ಲಾಧಿಕಾರಿಗಳ ಸಮ್ಮುಖದಲ್ಲಿ ಮರು ಎಣಿಕೆ ನಡೆಯಿತು. ಕೊನೆಗೂ ಸತ್ಯವೇ ಗೆದ್ದಿದೆ ಎಂದರು.

ಫೋಸ್ಟಲ್ ಬ್ಯಾಲೆಟ್ 2 ಮತ ಜಾಸ್ತಿ ಆಯಿತು ಮತ್ತು ಇದನ್ನು ಮುಚ್ಚಿದ ಲಕೋಟೆಯಲ್ಲಿ ನ್ಯಾಯಾಲಯಕ್ಕೆ ಸಲ್ಲಿಸಲಾಯಿತು. ಆದರೆ ಫಲಿತಾಂಶ ಘೋಷಣೆ ಮಾಡುವುದು ಬಾಕಿ ಉಳಿದಿತ್ತು. ಕಳೆದ 3-4 ತಿಂಗಳ ನಂತರ ಇಂದು ಗುರುವಾರ ಆದ 122/79/2025 ಪ್ರಕರಣದ ಮರು ಎಣಿಕೆಯ ಫಲಿತಾಂಶ ಪ್ರಕಟವಾಗಿದ್ದು ನನ್ನ ಗೆಲುವು ಖಚಿತವಾಗಿದೆ.

ವಿರೋಧಿಗಳು ಕ್ಷೇತ್ರದಲ್ಲಿ ಸುಳ್ಳು ಹೇಳಿ ನಿಂದಿ ಜನರನ್ನು ದಿಕ್ಕು ತಪ್ಪಿಸಿ ಚರ್ಚೆಗೆ ಎಡೆ ಮಾಡಿದರು. ಸಂವಿಧಾನದಲ್ಲಿ ನಡೆದ ಎಣಿಕೆಯ ವಿರುದ್ಧವಾಗಿ ಅವರು ಸುಳ್ಳು ಹೇಳಿದರು. ಎದುರಾಳಿಗಿಂತ 248 ಮತಗಳ ಅಂತರದಿಂದ ಜಯ ಸಾಧಿಸಿದ್ದೇನೆ. ಕ್ಷೇತ್ರದ ಜನತೆ ನನ್ನ ಮೇಲೆ ಇಟ್ಟಿರುವ ವಿಶ್ವಾಸಕ್ಕೆ ಚ್ಯುತಿ ಬಾರದಂತೆ ಕೆಲಸ ಮಾಡುತ್ತೇನೆ. ನ್ಯಾಯಾಂಗದ ಮೇಲೆ ನಂಬಿಕೆ ಇಟ್ಟು ಕಾದಿದ್ದಕ್ಕೆ ಫಲ ಸಿಕ್ಕಿದೆ ಎಂದು ಹೇಳಿದರು.
